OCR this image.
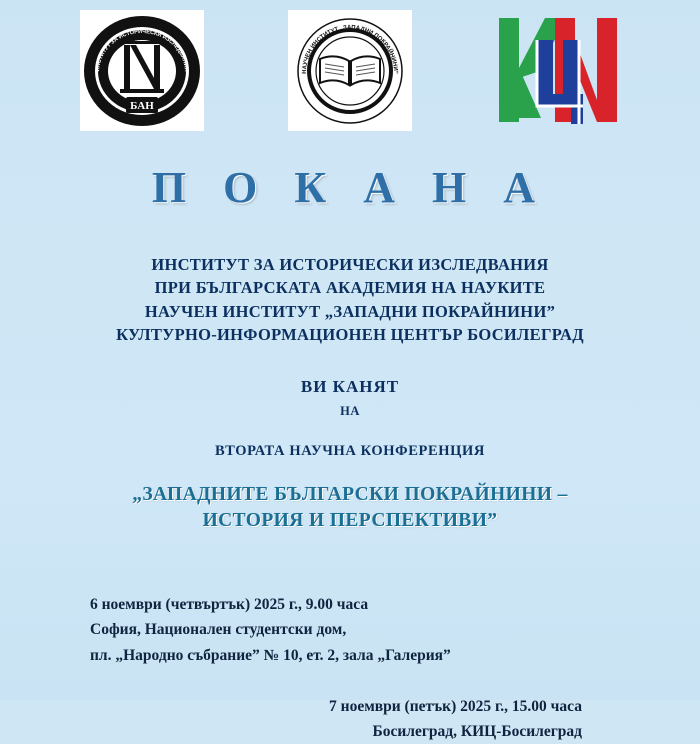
БАН
ИНСТИТУТ ЗА ИСТОРИЧЕСКИ ИЗСЛЕДВАНИЯ	НАУЧЕН ИНСТИТУТ „ЗАПАДНИ ПОКРАЙНИНИ”
П О К А Н А
ИНСТИТУТ ЗА ИСТОРИЧЕСКИ ИЗСЛЕДВАНИЯ
ПРИ БЪЛГАРСКАТА АКАДЕМИЯ НА НАУКИТЕ
НАУЧЕН ИНСТИТУТ „ЗАПАДНИ ПОКРАЙНИНИ”
КУЛТУРНО-ИНФОРМАЦИОНЕН ЦЕНТЪР БОСИЛЕГРАД
ВИ КАНЯТ
НА
ВТОРАТА НАУЧНА КОНФЕРЕНЦИЯ
„ЗАПАДНИТЕ БЪЛГАРСКИ ПОКРАЙНИНИ –
ИСТОРИЯ И ПЕРСПЕКТИВИ”
6 ноември (четвъртък) 2025 г., 9.00 часа
София, Националeн студентски дом,
пл. „Народно събрание” № 10, ет. 2, зала „Галерия”
7 ноември (петък) 2025 г., 15.00 часа
Босилеград, КИЦ-Босилеград
